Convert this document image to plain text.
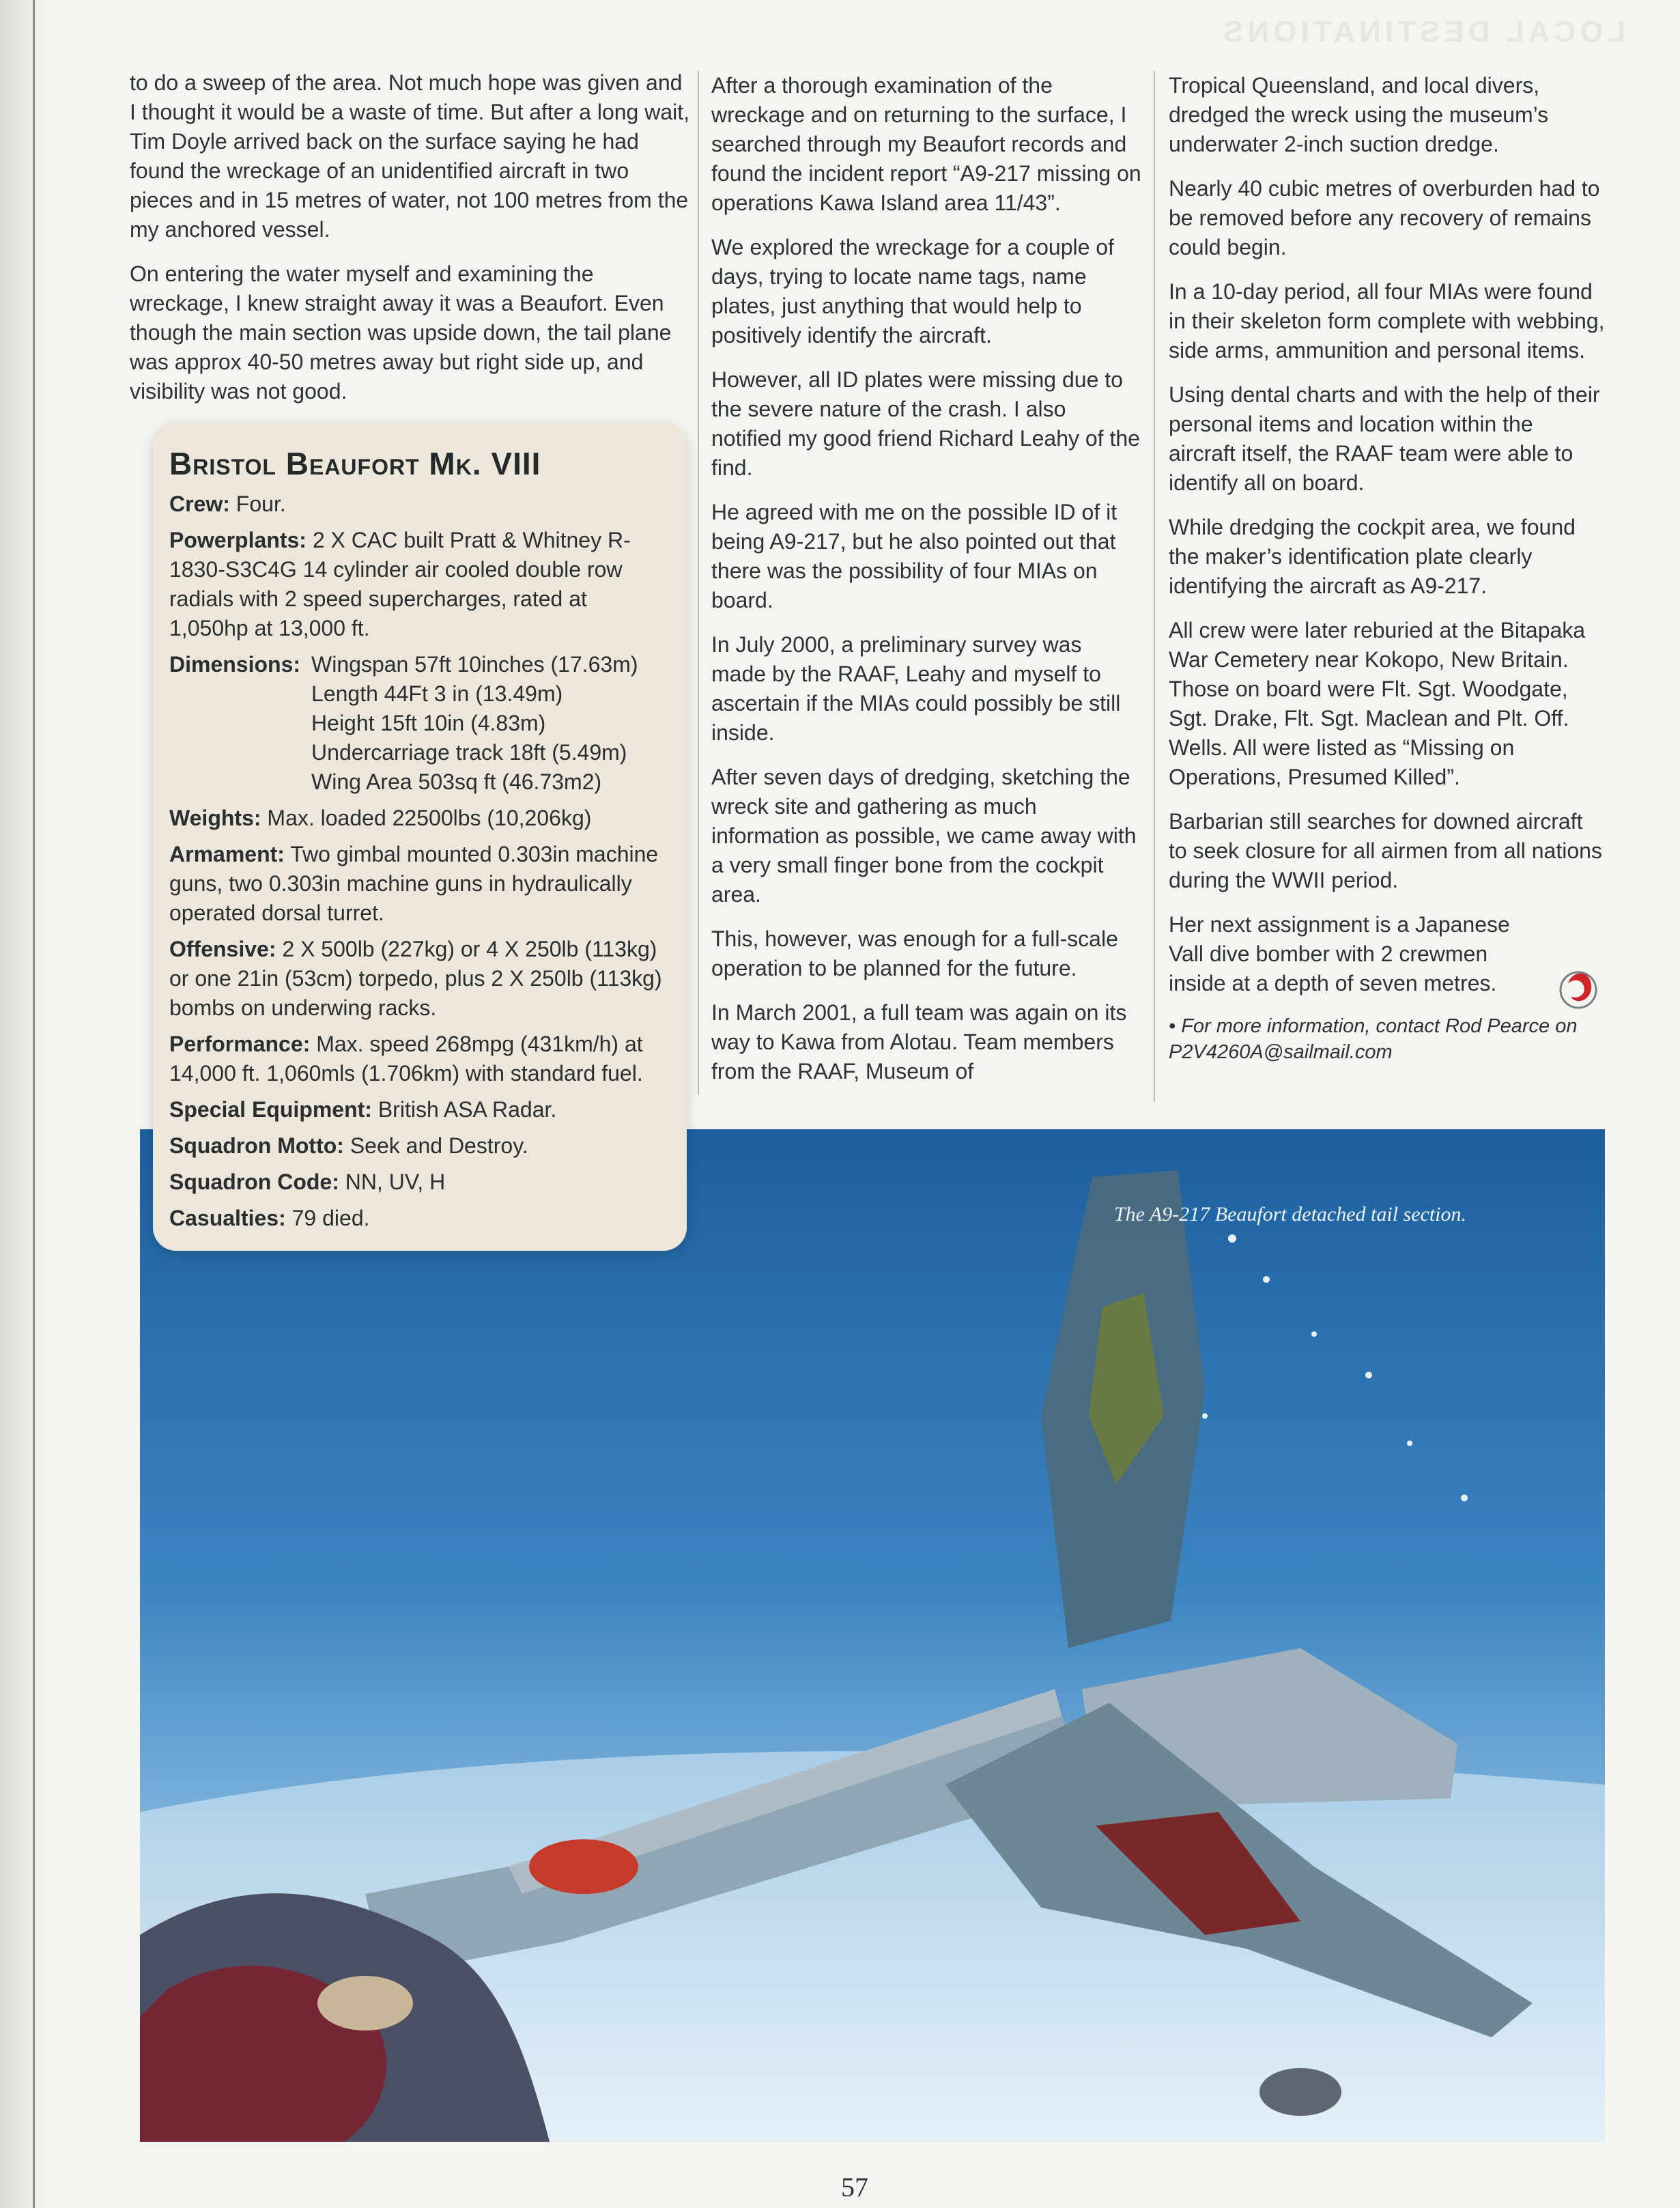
LOCAL DESTINATIONS

to do a sweep of the area. Not much hope was given and I thought it would be a waste of time. But after a long wait, Tim Doyle arrived back on the surface saying he had found the wreckage of an unidentified aircraft in two pieces and in 15 metres of water, not 100 metres from the my anchored vessel.

On entering the water myself and examining the wreckage, I knew straight away it was a Beaufort. Even though the main section was upside down, the tail plane was approx 40-50 metres away but right side up, and visibility was not good.

After a thorough examination of the wreckage and on returning to the surface, I searched through my Beaufort records and found the incident report “A9-217 missing on operations Kawa Island area 11/43”.

We explored the wreckage for a couple of days, trying to locate name tags, name plates, just anything that would help to positively identify the aircraft.

However, all ID plates were missing due to the severe nature of the crash. I also notified my good friend Richard Leahy of the find.

He agreed with me on the possible ID of it being A9-217, but he also pointed out that there was the possibility of four MIAs on board.

In July 2000, a preliminary survey was made by the RAAF, Leahy and myself to ascertain if the MIAs could possibly be still inside.

After seven days of dredging, sketching the wreck site and gathering as much information as possible, we came away with a very small finger bone from the cockpit area.

This, however, was enough for a full-scale operation to be planned for the future.

In March 2001, a full team was again on its way to Kawa from Alotau. Team members from the RAAF, Museum of

Tropical Queensland, and local divers, dredged the wreck using the museum’s underwater 2-inch suction dredge.

Nearly 40 cubic metres of overburden had to be removed before any recovery of remains could begin.

In a 10-day period, all four MIAs were found in their skeleton form complete with webbing, side arms, ammunition and personal items.

Using dental charts and with the help of their personal items and location within the aircraft itself, the RAAF team were able to identify all on board.

While dredging the cockpit area, we found the maker’s identification plate clearly identifying the aircraft as A9-217.

All crew were later reburied at the Bitapaka War Cemetery near Kokopo, New Britain. Those on board were Flt. Sgt. Woodgate, Sgt. Drake, Flt. Sgt. Maclean and Plt. Off. Wells. All were listed as “Missing on Operations, Presumed Killed”.

Barbarian still searches for downed aircraft to seek closure for all airmen from all nations during the WWII period.

Her next assignment is a Japanese Vall dive bomber with 2 crewmen inside at a depth of seven metres.

• For more information, contact Rod Pearce on P2V4260A@sailmail.com

The A9-217 Beaufort detached tail section.
Bristol Beaufort Mk. VIII
Crew: Four.
Powerplants: 2 X CAC built Pratt & Whitney R-1830-S3C4G 14 cylinder air cooled double row radials with 2 speed supercharges, rated at 1,050hp at 13,000 ft.
Dimensions: Wingspan 57ft 10inches (17.63m)
Length 44Ft 3 in (13.49m)
Height 15ft 10in (4.83m)
Undercarriage track 18ft (5.49m)
Wing Area 503sq ft (46.73m2)
Weights: Max. loaded 22500lbs (10,206kg)
Armament: Two gimbal mounted 0.303in machine guns, two 0.303in machine guns in hydraulically operated dorsal turret.
Offensive: 2 X 500lb (227kg) or 4 X 250lb (113kg) or one 21in (53cm) torpedo, plus 2 X 250lb (113kg) bombs on underwing racks.
Performance: Max. speed 268mpg (431km/h) at 14,000 ft. 1,060mls (1.706km) with standard fuel.
Special Equipment: British ASA Radar.
Squadron Motto: Seek and Destroy.
Squadron Code: NN, UV, H
Casualties: 79 died.
57
